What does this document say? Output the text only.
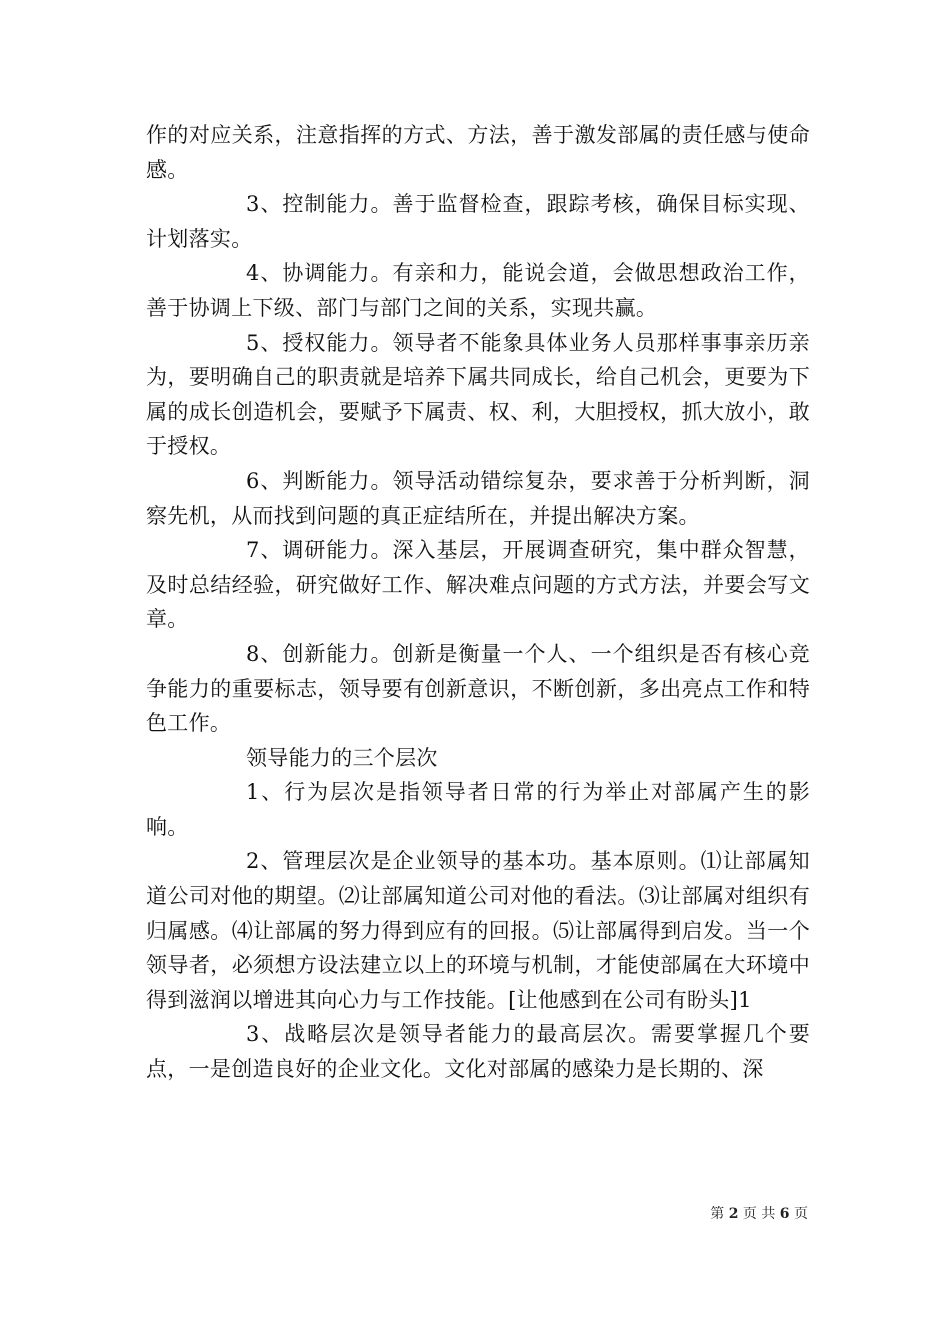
作的对应关系，注意指挥的方式、方法，善于激发部属的责任感与使命感。

3、控制能力。善于监督检查，跟踪考核，确保目标实现、计划落实。

4、协调能力。有亲和力，能说会道，会做思想政治工作，善于协调上下级、部门与部门之间的关系，实现共赢。

5、授权能力。领导者不能象具体业务人员那样事事亲历亲为，要明确自己的职责就是培养下属共同成长，给自己机会，更要为下属的成长创造机会，要赋予下属责、权、利，大胆授权，抓大放小，敢于授权。

6、判断能力。领导活动错综复杂，要求善于分析判断，洞察先机，从而找到问题的真正症结所在，并提出解决方案。

7、调研能力。深入基层，开展调查研究，集中群众智慧，及时总结经验，研究做好工作、解决难点问题的方式方法，并要会写文章。

8、创新能力。创新是衡量一个人、一个组织是否有核心竞争能力的重要标志，领导要有创新意识，不断创新，多出亮点工作和特色工作。

领导能力的三个层次

1、行为层次是指领导者日常的行为举止对部属产生的影响。

2、管理层次是企业领导的基本功。基本原则。⑴让部属知道公司对他的期望。⑵让部属知道公司对他的看法。⑶让部属对组织有归属感。⑷让部属的努力得到应有的回报。⑸让部属得到启发。当一个领导者，必须想方设法建立以上的环境与机制，才能使部属在大环境中得到滋润以增进其向心力与工作技能。[让他感到在公司有盼头]1

3、战略层次是领导者能力的最高层次。需要掌握几个要点，一是创造良好的企业文化。文化对部属的感染力是长期的、深

第 2 页 共 6 页
